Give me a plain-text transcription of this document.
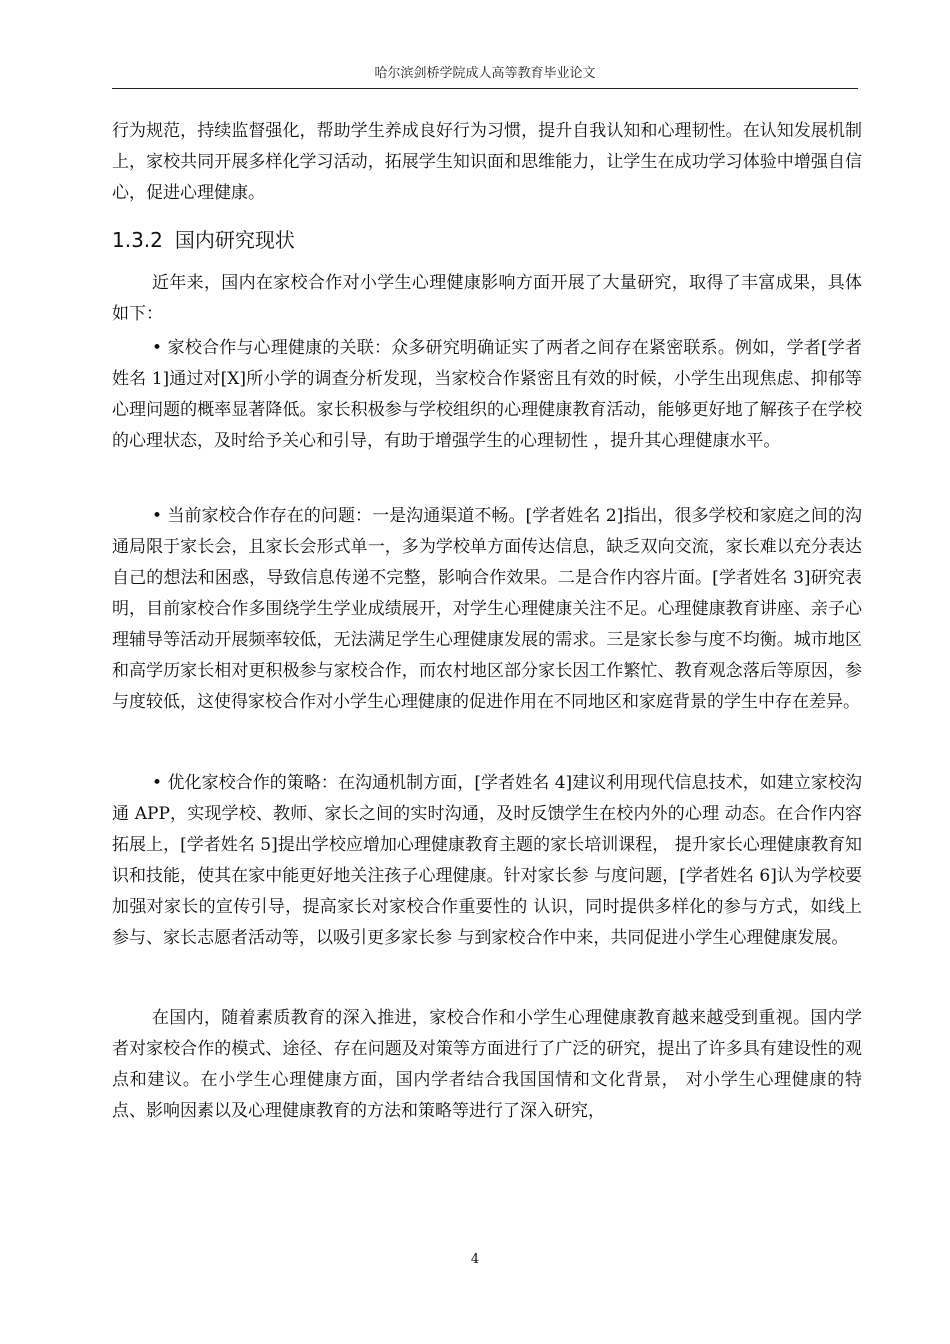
哈尔滨剑桥学院成人高等教育毕业论文

行为规范，持续监督强化，帮助学生养成良好行为习惯，提升自我认知和心理韧性。在认知发展机制上，家校共同开展多样化学习活动，拓展学生知识面和思维能力，让学生在成功学习体验中增强自信心，促进心理健康。

1.3.2 国内研究现状

近年来，国内在家校合作对小学生心理健康影响方面开展了大量研究，取得了丰富成果，具体如下：

• 家校合作与心理健康的关联：众多研究明确证实了两者之间存在紧密联系。例如，学者[学者姓名 1]通过对[X]所小学的调查分析发现，当家校合作紧密且有效的时候，小学生出现焦虑、抑郁等心理问题的概率显著降低。家长积极参与学校组织的心理健康教育活动，能够更好地了解孩子在学校的心理状态，及时给予关心和引导，有助于增强学生的心理韧性 ，提升其心理健康水平。

• 当前家校合作存在的问题：一是沟通渠道不畅。[学者姓名 2]指出，很多学校和家庭之间的沟通局限于家长会，且家长会形式单一，多为学校单方面传达信息，缺乏双向交流，家长难以充分表达自己的想法和困惑，导致信息传递不完整，影响合作效果。二是合作内容片面。[学者姓名 3]研究表明，目前家校合作多围绕学生学业成绩展开，对学生心理健康关注不足。心理健康教育讲座、亲子心理辅导等活动开展频率较低，无法满足学生心理健康发展的需求。三是家长参与度不均衡。城市地区和高学历家长相对更积极参与家校合作，而农村地区部分家长因工作繁忙、教育观念落后等原因，参与度较低，这使得家校合作对小学生心理健康的促进作用在不同地区和家庭背景的学生中存在差异。

• 优化家校合作的策略：在沟通机制方面，[学者姓名 4]建议利用现代信息技术，如建立家校沟通 APP，实现学校、教师、家长之间的实时沟通，及时反馈学生在校内外的心理 动态。在合作内容拓展上，[学者姓名 5]提出学校应增加心理健康教育主题的家长培训课程， 提升家长心理健康教育知识和技能，使其在家中能更好地关注孩子心理健康。针对家长参 与度问题，[学者姓名 6]认为学校要加强对家长的宣传引导，提高家长对家校合作重要性的 认识，同时提供多样化的参与方式，如线上参与、家长志愿者活动等，以吸引更多家长参 与到家校合作中来，共同促进小学生心理健康发展。

在国内，随着素质教育的深入推进，家校合作和小学生心理健康教育越来越受到重视。国内学者对家校合作的模式、途径、存在问题及对策等方面进行了广泛的研究，提出了许多具有建设性的观点和建议。在小学生心理健康方面，国内学者结合我国国情和文化背景， 对小学生心理健康的特点、影响因素以及心理健康教育的方法和策略等进行了深入研究，

4
